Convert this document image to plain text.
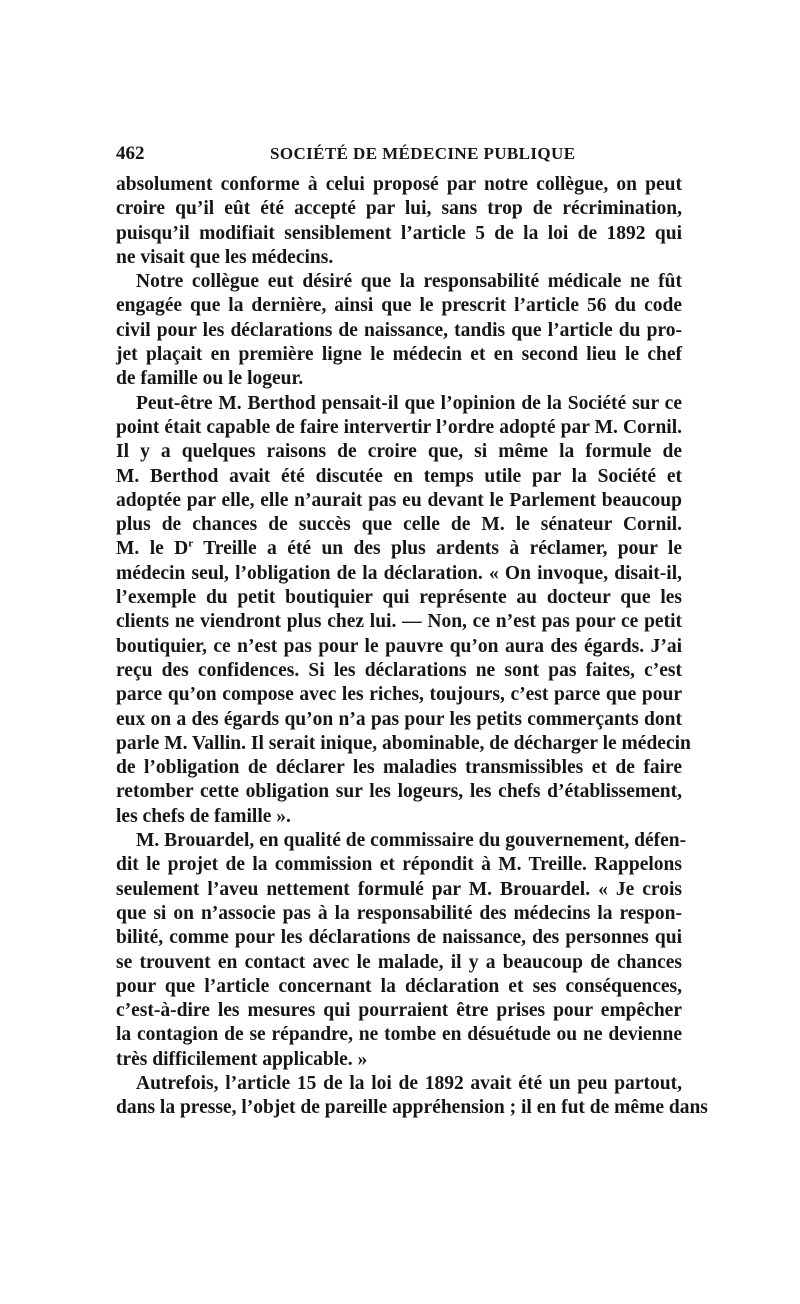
462	SOCIÉTÉ DE MÉDECINE PUBLIQUE
absolument conforme à celui proposé par notre collègue, on peut
croire qu’il eût été accepté par lui, sans trop de récrimination,
puisqu’il modifiait sensiblement l’article 5 de la loi de 1892 qui
ne visait que les médecins.
Notre collègue eut désiré que la responsabilité médicale ne fût
engagée que la dernière, ainsi que le prescrit l’article 56 du code
civil pour les déclarations de naissance, tandis que l’article du pro-
jet plaçait en première ligne le médecin et en second lieu le chef
de famille ou le logeur.
Peut-être M. Berthod pensait-il que l’opinion de la Société sur ce
point était capable de faire intervertir l’ordre adopté par M. Cornil.
Il y a quelques raisons de croire que, si même la formule de
M. Berthod avait été discutée en temps utile par la Société et
adoptée par elle, elle n’aurait pas eu devant le Parlement beaucoup
plus de chances de succès que celle de M. le sénateur Cornil.
M. le $D^r$ Treille a été un des plus ardents à réclamer, pour le
médecin seul, l’obligation de la déclaration. « On invoque, disait-il,
l’exemple du petit boutiquier qui représente au docteur que les
clients ne viendront plus chez lui. — Non, ce n’est pas pour ce petit
boutiquier, ce n’est pas pour le pauvre qu’on aura des égards. J’ai
reçu des confidences. Si les déclarations ne sont pas faites, c’est
parce qu’on compose avec les riches, toujours, c’est parce que pour
eux on a des égards qu’on n’a pas pour les petits commerçants dont
parle M. Vallin. Il serait inique, abominable, de décharger le médecin
de l’obligation de déclarer les maladies transmissibles et de faire
retomber cette obligation sur les logeurs, les chefs d’établissement,
les chefs de famille ».
M. Brouardel, en qualité de commissaire du gouvernement, défen-
dit le projet de la commission et répondit à M. Treille. Rappelons
seulement l’aveu nettement formulé par M. Brouardel. « Je crois
que si on n’associe pas à la responsabilité des médecins la respon-
bilité, comme pour les déclarations de naissance, des personnes qui
se trouvent en contact avec le malade, il y a beaucoup de chances
pour que l’article concernant la déclaration et ses conséquences,
c’est-à-dire les mesures qui pourraient être prises pour empêcher
la contagion de se répandre, ne tombe en désuétude ou ne devienne
très difficilement applicable. »
Autrefois, l’article 15 de la loi de 1892 avait été un peu partout,
dans la presse, l’objet de pareille appréhension ; il en fut de même dans
